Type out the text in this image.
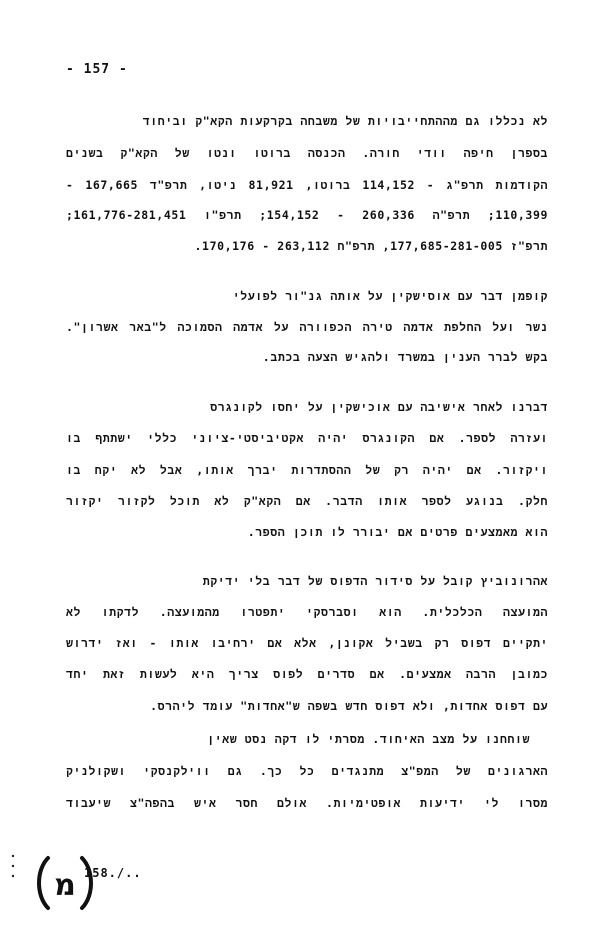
- 157 -
לא נכללו גם מההתחייבויות של משבחה בקרקעות הקא"ק וביחוד
בספרן חיפה וודי חורה. הכנסה ברוטו ונטו של הקא"ק בשנים
הקודמות תרפ"ג - 114,152 ברוטו, 81,921 ניטו, תרפ"ד 167,665 -
110,399; תרפ"ה 260,336 - 154,152; תרפ"ו 161,776-281,451;
תרפ"ז 177,685-281-005, תרפ"ח 263,112 - 170,176.
קופמן דבר עם אוסישקין על אותה גנ"ור לפועלי
נשר ועל החלפת אדמה טירה הכפוורה על אדמה הסמוכה ל"באר אשרון".
בקש לברר הענין במשרד ולהגיש הצעה בכתב.
דברנו לאחר אישיבה עם אוכישקין על יחסו לקונגרס
ועזרה לספר. אם הקונגרס יהיה אקטיביסטי-ציוני כללי ישתתף בו
ויקזור. אם יהיה רק של ההסתדרות יברך אותו, אבל לא יקח בו
חלק. בנוגע לספר אותו הדבר. אם הקא"ק לא תוכל לקזור יקזור
הוא מאמצעים פרטים אם יבורר לו תוכן הספר.
אהרונוביץ קובל על סידור הדפוס של דבר בלי ידיקת
המועצה הכלכלית. הוא וסברסקי יתפטרו מהמועצה. לדקתו לא
יתקיים דפוס רק בשביל אקונן, אלא אם ירחיבו אותו - ואז ידרוש
כמובן הרבה אמצעים. אם סדרים לפוס צריך היא לעשות זאת יחד
עם דפוס אחדות, ולא דפוס חדש בשפה ש"אחדות" עומד ליהרס.
שוחחנו על מצב האיחוד. מסרתי לו דקה נסט שאין
הארגונים של המפ"צ מתנגדים כל כך. גם ווילקנסקי ושקולניק
מסרו לי ידיעות אופטימיות. אולם חסר איש בהפה"צ שיעבוד
158./..
מ
